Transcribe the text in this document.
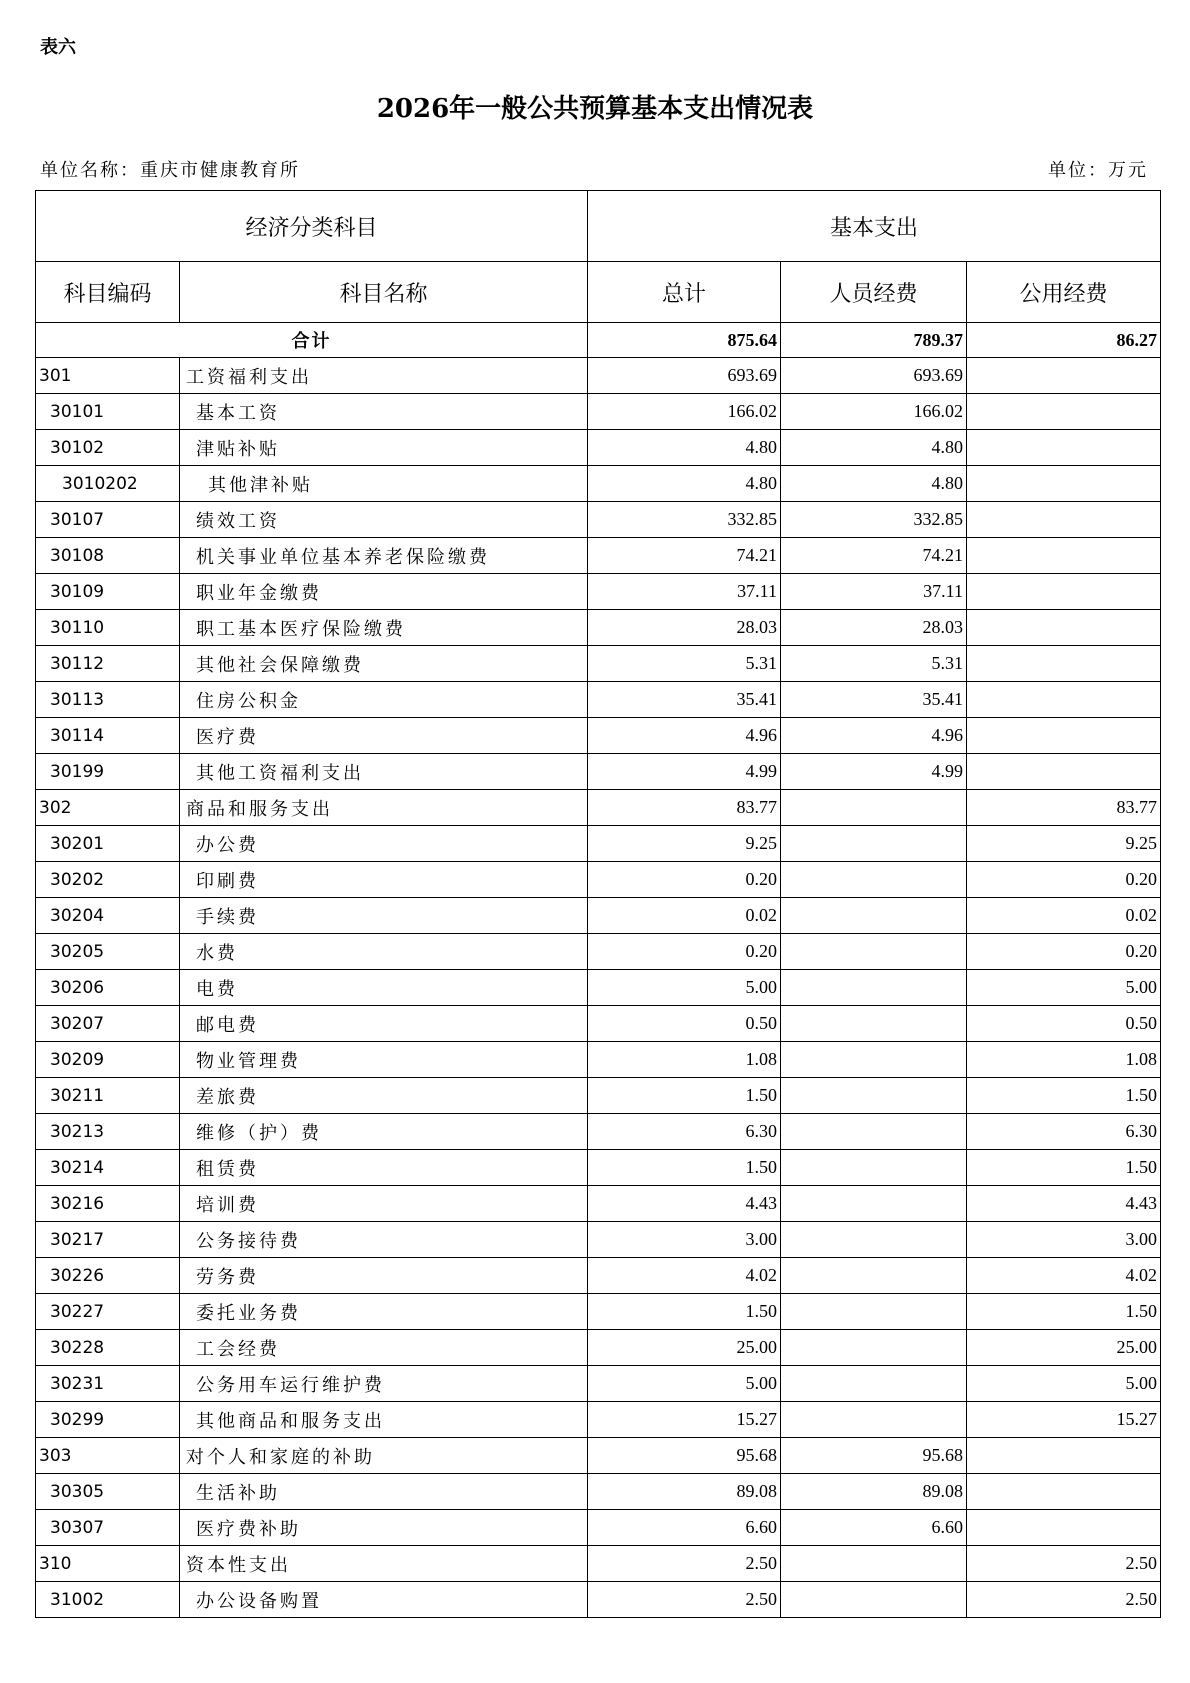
表六
2026年一般公共预算基本支出情况表
单位名称：重庆市健康教育所	单位：万元
经济分类科目		基本支出		
科目编码	科目名称	总计	人员经费	公用经费
合计		875.64	789.37	86.27
301	工资福利支出	693.69	693.69	
30101	基本工资	166.02	166.02	
30102	津贴补贴	4.80	4.80	
3010202	其他津补贴	4.80	4.80	
30107	绩效工资	332.85	332.85	
30108	机关事业单位基本养老保险缴费	74.21	74.21	
30109	职业年金缴费	37.11	37.11	
30110	职工基本医疗保险缴费	28.03	28.03	
30112	其他社会保障缴费	5.31	5.31	
30113	住房公积金	35.41	35.41	
30114	医疗费	4.96	4.96	
30199	其他工资福利支出	4.99	4.99	
302	商品和服务支出	83.77		83.77
30201	办公费	9.25		9.25
30202	印刷费	0.20		0.20
30204	手续费	0.02		0.02
30205	水费	0.20		0.20
30206	电费	5.00		5.00
30207	邮电费	0.50		0.50
30209	物业管理费	1.08		1.08
30211	差旅费	1.50		1.50
30213	维修（护）费	6.30		6.30
30214	租赁费	1.50		1.50
30216	培训费	4.43		4.43
30217	公务接待费	3.00		3.00
30226	劳务费	4.02		4.02
30227	委托业务费	1.50		1.50
30228	工会经费	25.00		25.00
30231	公务用车运行维护费	5.00		5.00
30299	其他商品和服务支出	15.27		15.27
303	对个人和家庭的补助	95.68	95.68	
30305	生活补助	89.08	89.08	
30307	医疗费补助	6.60	6.60	
310	资本性支出	2.50		2.50
31002	办公设备购置	2.50		2.50
